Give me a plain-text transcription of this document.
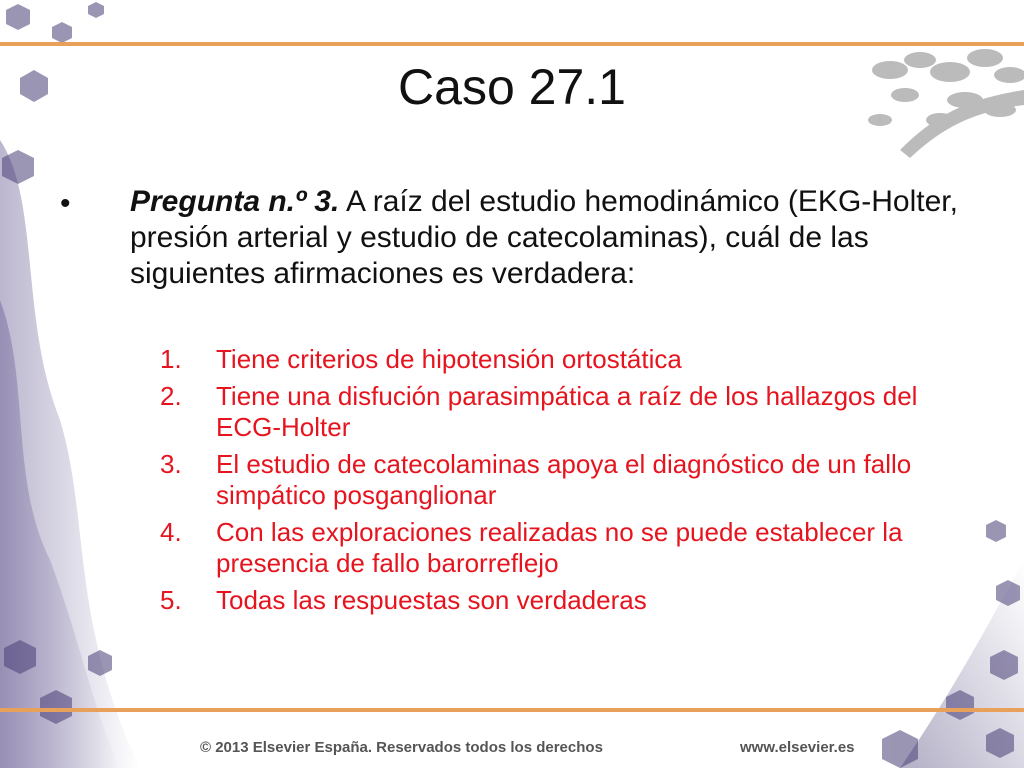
Caso 27.1
• Pregunta n.º 3. A raíz del estudio hemodinámico (EKG-Holter, presión arterial y estudio de catecolaminas), cuál de las siguientes afirmaciones es verdadera:
1.	Tiene criterios de hipotensión ortostática
2.	Tiene una disfución parasimpática a raíz de los hallazgos del ECG-Holter
3.	El estudio de catecolaminas apoya el diagnóstico de un fallo simpático posganglionar
4.	Con las exploraciones realizadas no se puede establecer la presencia de fallo barorreflejo
5.	Todas las respuestas son verdaderas
© 2013 Elsevier España. Reservados todos los derechos	www.elsevier.es
